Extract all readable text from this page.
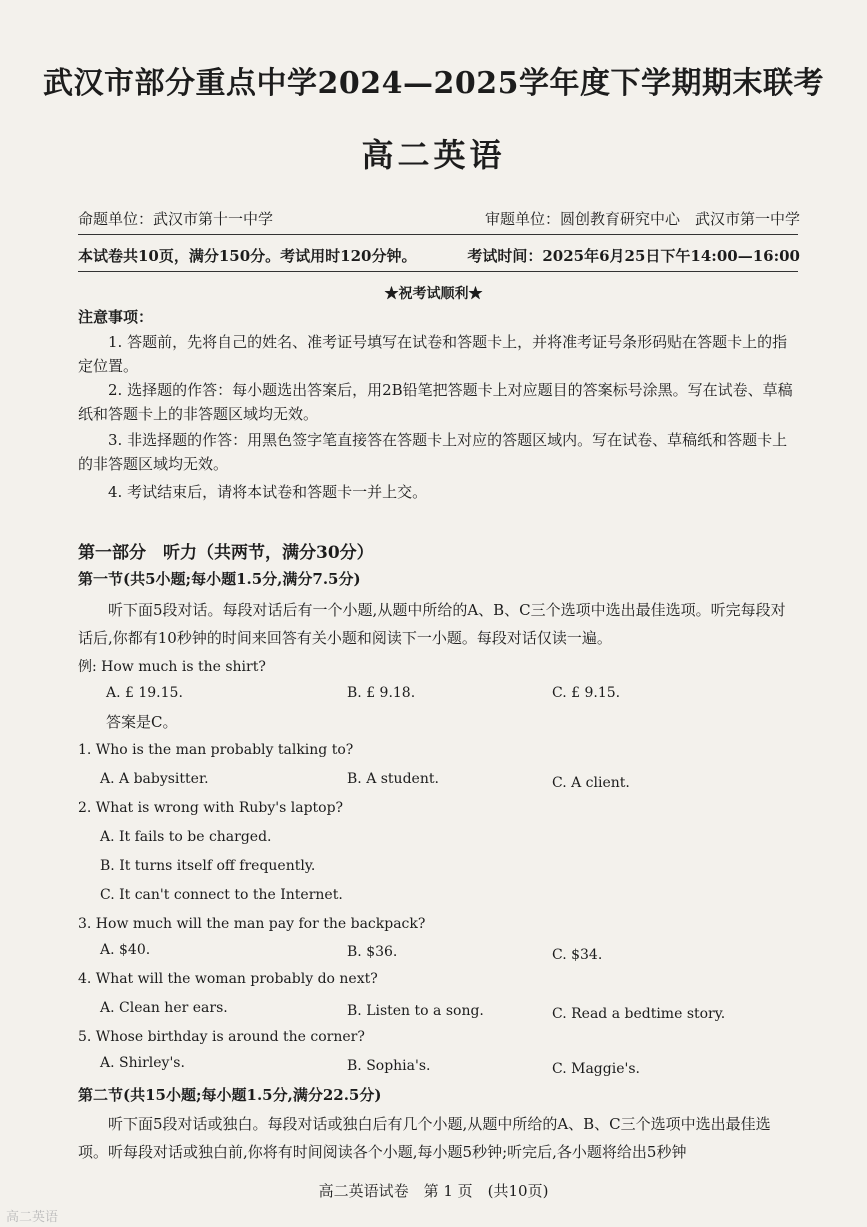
武汉市部分重点中学2024—2025学年度下学期期末联考
高二英语
命题单位：武汉市第十一中学	审题单位：圆创教育研究中心　武汉市第一中学
本试卷共10页，满分150分。考试用时120分钟。	考试时间：2025年6月25日下午14:00—16:00
★祝考试顺利★
注意事项：
1. 答题前，先将自己的姓名、准考证号填写在试卷和答题卡上，并将准考证号条形码贴在答题卡上的指定位置。
2. 选择题的作答：每小题选出答案后，用2B铅笔把答题卡上对应题目的答案标号涂黑。写在试卷、草稿纸和答题卡上的非答题区域均无效。
3. 非选择题的作答：用黑色签字笔直接答在答题卡上对应的答题区域内。写在试卷、草稿纸和答题卡上的非答题区域均无效。
4. 考试结束后，请将本试卷和答题卡一并上交。
第一部分　听力（共两节，满分30分）
第一节(共5小题;每小题1.5分,满分7.5分)
听下面5段对话。每段对话后有一个小题,从题中所给的A、B、C三个选项中选出最佳选项。听完每段对话后,你都有10秒钟的时间来回答有关小题和阅读下一小题。每段对话仅读一遍。
例: How much is the shirt?
A. £ 19.15.	B. £ 9.18.	C. £ 9.15.
答案是C。
1. Who is the man probably talking to?
A. A babysitter.	B. A student.	C. A client.
2. What is wrong with Ruby's laptop?
A. It fails to be charged.
B. It turns itself off frequently.
C. It can't connect to the Internet.
3. How much will the man pay for the backpack?
A. $40.	B. $36.	C. $34.
4. What will the woman probably do next?
A. Clean her ears.	B. Listen to a song.	C. Read a bedtime story.
5. Whose birthday is around the corner?
A. Shirley's.	B. Sophia's.	C. Maggie's.
第二节(共15小题;每小题1.5分,满分22.5分)
听下面5段对话或独白。每段对话或独白后有几个小题,从题中所给的A、B、C三个选项中选出最佳选项。听每段对话或独白前,你将有时间阅读各个小题,每小题5秒钟;听完后,各小题将给出5秒钟
高二英语试卷　第 1 页　(共10页)
高二英语
